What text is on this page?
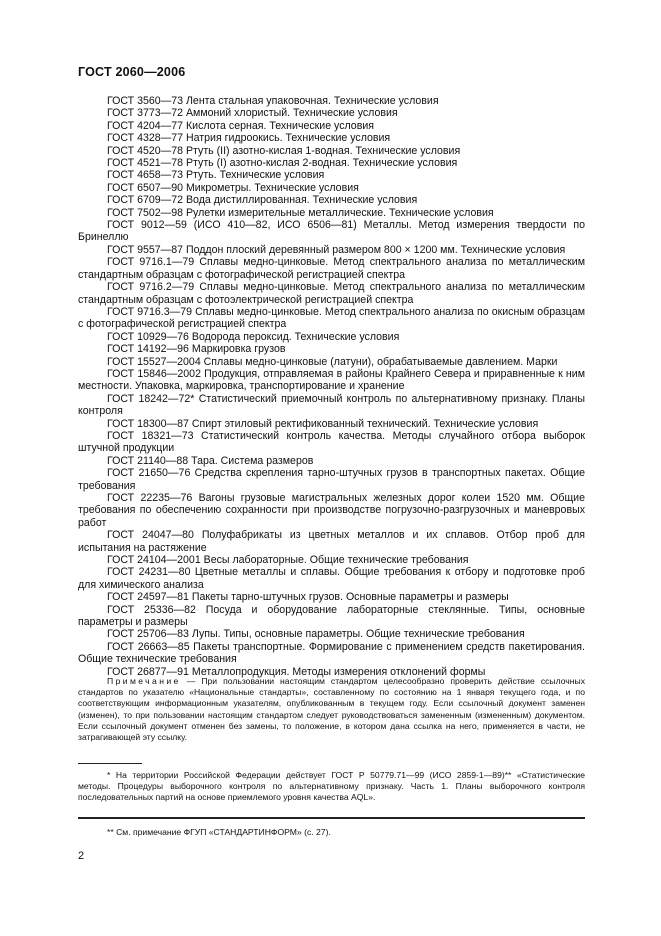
ГОСТ 2060—2006

ГОСТ 3560—73 Лента стальная упаковочная. Технические условия

ГОСТ 3773—72 Аммоний хлористый. Технические условия

ГОСТ 4204—77 Кислота серная. Технические условия

ГОСТ 4328—77 Натрия гидроокись. Технические условия

ГОСТ 4520—78 Ртуть (II) азотно-кислая 1-водная. Технические условия

ГОСТ 4521—78 Ртуть (I) азотно-кислая 2-водная. Технические условия

ГОСТ 4658—73 Ртуть. Технические условия

ГОСТ 6507—90 Микрометры. Технические условия

ГОСТ 6709—72 Вода дистиллированная. Технические условия

ГОСТ 7502—98 Рулетки измерительные металлические. Технические условия

ГОСТ 9012—59 (ИСО 410—82, ИСО 6506—81) Металлы. Метод измерения твердости по Бринеллю

ГОСТ 9557—87 Поддон плоский деревянный размером 800 × 1200 мм. Технические условия

ГОСТ 9716.1—79 Сплавы медно-цинковые. Метод спектрального анализа по металлическим стандартным образцам с фотографической регистрацией спектра

ГОСТ 9716.2—79 Сплавы медно-цинковые. Метод спектрального анализа по металлическим стандартным образцам с фотоэлектрической регистрацией спектра

ГОСТ 9716.3—79 Сплавы медно-цинковые. Метод спектрального анализа по окисным образцам с фотографической регистрацией спектра

ГОСТ 10929—76 Водорода пероксид. Технические условия

ГОСТ 14192—96 Маркировка грузов

ГОСТ 15527—2004 Сплавы медно-цинковые (латуни), обрабатываемые давлением. Марки

ГОСТ 15846—2002 Продукция, отправляемая в районы Крайнего Севера и приравненные к ним местности. Упаковка, маркировка, транспортирование и хранение

ГОСТ 18242—72* Статистический приемочный контроль по альтернативному признаку. Планы контроля

ГОСТ 18300—87 Спирт этиловый ректификованный технический. Технические условия

ГОСТ 18321—73 Статистический контроль качества. Методы случайного отбора выборок штучной продукции

ГОСТ 21140—88 Тара. Система размеров

ГОСТ 21650—76 Средства скрепления тарно-штучных грузов в транспортных пакетах. Общие требования

ГОСТ 22235—76 Вагоны грузовые магистральных железных дорог колеи 1520 мм. Общие требования по обеспечению сохранности при производстве погрузочно-разгрузочных и маневровых работ

ГОСТ 24047—80 Полуфабрикаты из цветных металлов и их сплавов. Отбор проб для испытания на растяжение

ГОСТ 24104—2001 Весы лабораторные. Общие технические требования

ГОСТ 24231—80 Цветные металлы и сплавы. Общие требования к отбору и подготовке проб для химического анализа

ГОСТ 24597—81 Пакеты тарно-штучных грузов. Основные параметры и размеры

ГОСТ 25336—82 Посуда и оборудование лабораторные стеклянные. Типы, основные параметры и размеры

ГОСТ 25706—83 Лупы. Типы, основные параметры. Общие технические требования

ГОСТ 26663—85 Пакеты транспортные. Формирование с применением средств пакетирования. Общие технические требования

ГОСТ 26877—91 Металлопродукция. Методы измерения отклонений формы

Примечание — При пользовании настоящим стандартом целесообразно проверить действие ссылочных стандартов по указателю «Национальные стандарты», составленному по состоянию на 1 января текущего года, и по соответствующим информационным указателям, опубликованным в текущем году. Если ссылочный документ заменен (изменен), то при пользовании настоящим стандартом следует руководствоваться замененным (измененным) документом. Если ссылочный документ отменен без замены, то положение, в котором дана ссылка на него, применяется в части, не затрагивающей эту ссылку.

* На территории Российской Федерации действует ГОСТ Р 50779.71—99 (ИСО 2859-1—89)** «Статистические методы. Процедуры выборочного контроля по альтернативному признаку. Часть 1. Планы выборочного контроля последовательных партий на основе приемлемого уровня качества AQL».

** См. примечание ФГУП «СТАНДАРТИНФОРМ» (с. 27).

2
